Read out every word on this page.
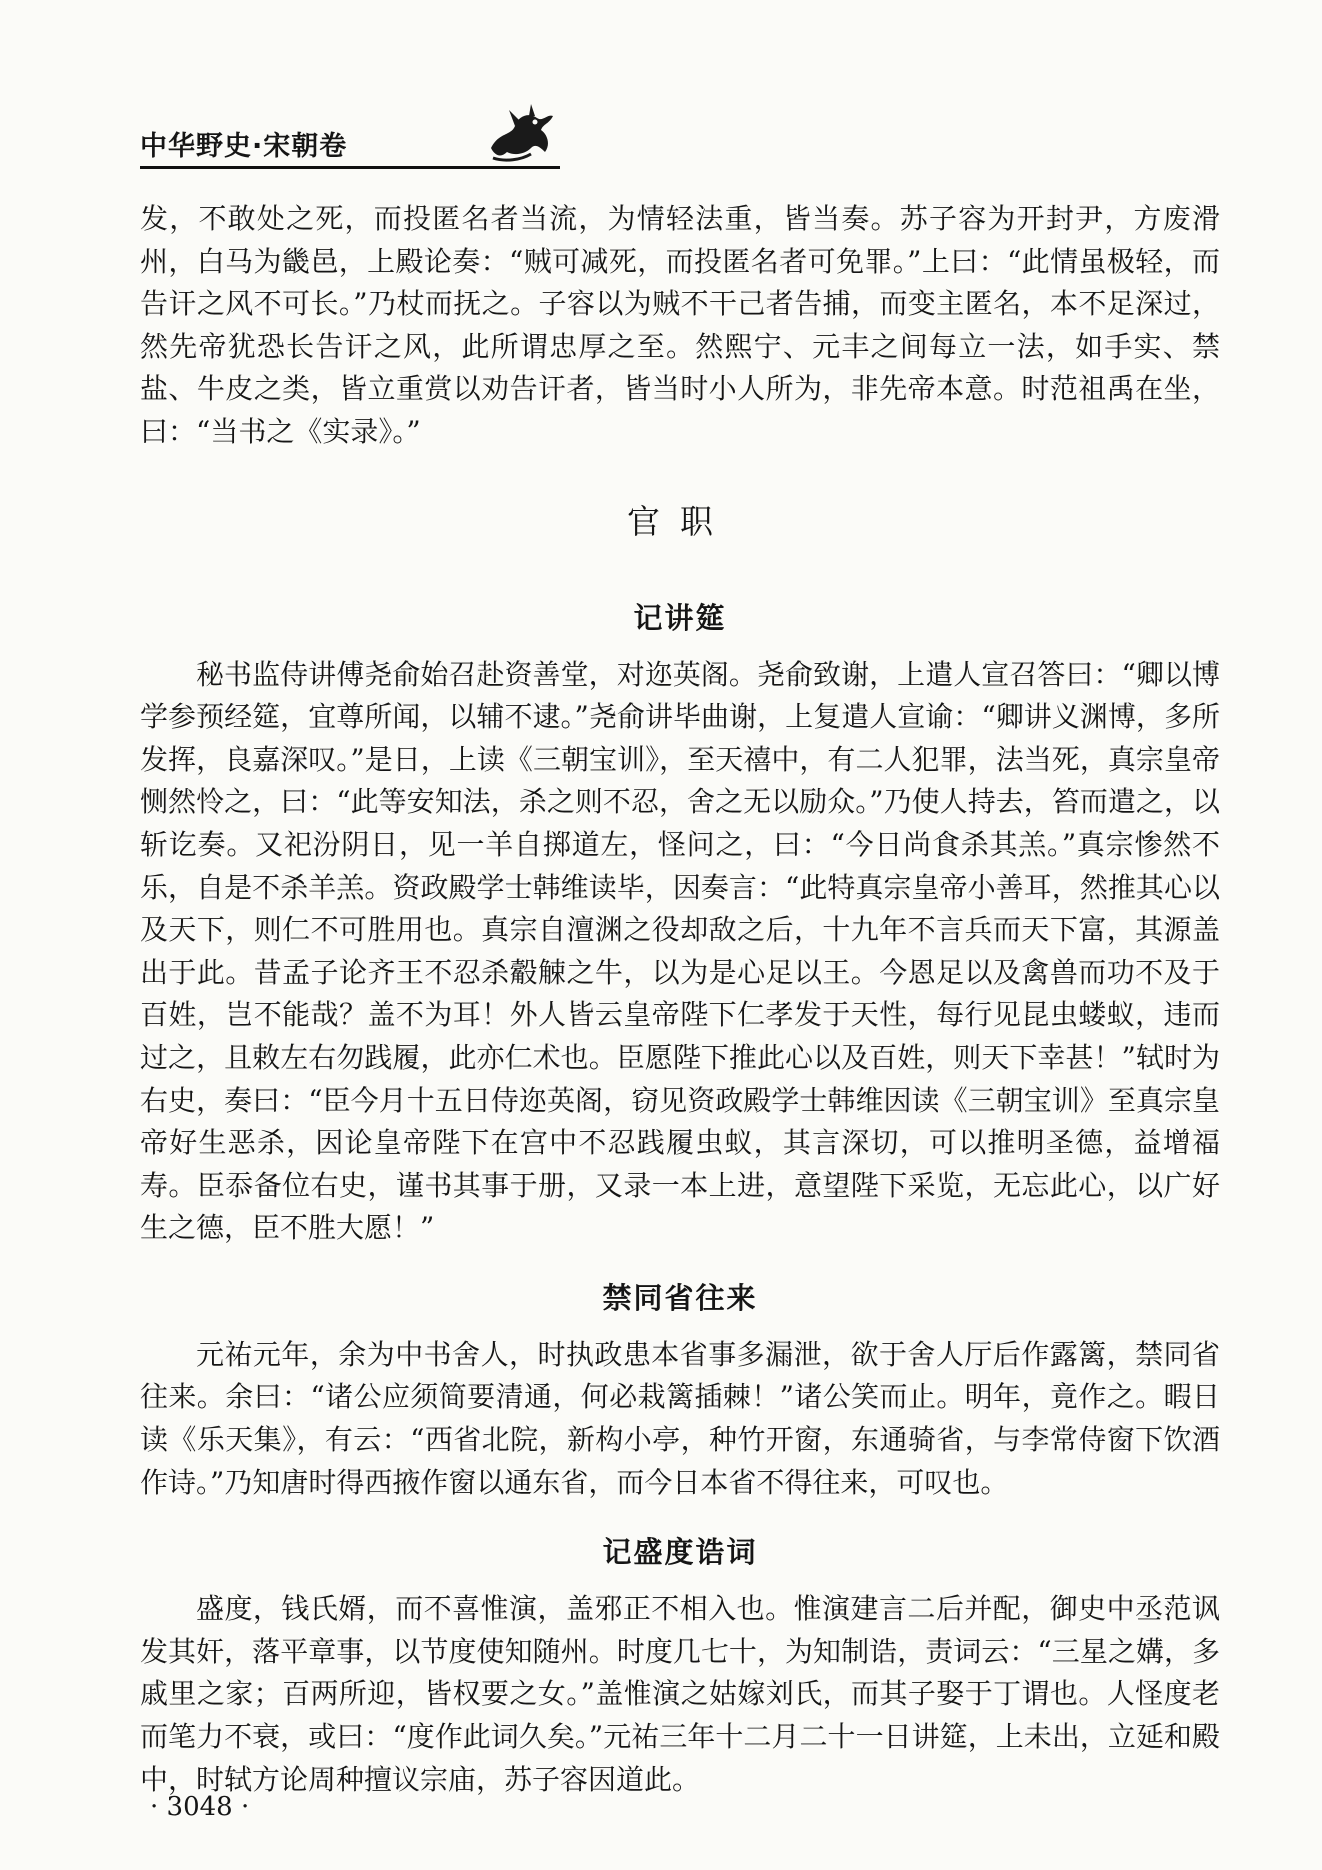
中华野史·宋朝卷

发，不敢处之死，而投匿名者当流，为情轻法重，皆当奏。苏子容为开封尹，方废滑州，白马为畿邑，上殿论奏：“贼可减死，而投匿名者可免罪。”上曰：“此情虽极轻，而告讦之风不可长。”乃杖而抚之。子容以为贼不干己者告捕，而变主匿名，本不足深过，然先帝犹恐长告讦之风，此所谓忠厚之至。然熙宁、元丰之间每立一法，如手实、禁盐、牛皮之类，皆立重赏以劝告讦者，皆当时小人所为，非先帝本意。时范祖禹在坐，曰：“当书之《实录》。”

官职
记讲筵

秘书监侍讲傅尧俞始召赴资善堂，对迩英阁。尧俞致谢，上遣人宣召答曰：“卿以博学参预经筵，宜尊所闻，以辅不逮。”尧俞讲毕曲谢，上复遣人宣谕：“卿讲义渊博，多所发挥，良嘉深叹。”是日，上读《三朝宝训》，至天禧中，有二人犯罪，法当死，真宗皇帝恻然怜之，曰：“此等安知法，杀之则不忍，舍之无以励众。”乃使人持去，笞而遣之，以斩讫奏。又祀汾阴日，见一羊自掷道左，怪问之，曰：“今日尚食杀其羔。”真宗惨然不乐，自是不杀羊羔。资政殿学士韩维读毕，因奏言：“此特真宗皇帝小善耳，然推其心以及天下，则仁不可胜用也。真宗自澶渊之役却敌之后，十九年不言兵而天下富，其源盖出于此。昔孟子论齐王不忍杀觳觫之牛，以为是心足以王。今恩足以及禽兽而功不及于百姓，岂不能哉？盖不为耳！外人皆云皇帝陛下仁孝发于天性，每行见昆虫蝼蚁，违而过之，且敕左右勿践履，此亦仁术也。臣愿陛下推此心以及百姓，则天下幸甚！”轼时为右史，奏曰：“臣今月十五日侍迩英阁，窃见资政殿学士韩维因读《三朝宝训》至真宗皇帝好生恶杀，因论皇帝陛下在宫中不忍践履虫蚁，其言深切，可以推明圣德，益增福寿。臣忝备位右史，谨书其事于册，又录一本上进，意望陛下采览，无忘此心，以广好生之德，臣不胜大愿！”

禁同省往来

元祐元年，余为中书舍人，时执政患本省事多漏泄，欲于舍人厅后作露篱，禁同省往来。余曰：“诸公应须简要清通，何必栽篱插棘！”诸公笑而止。明年，竟作之。暇日读《乐天集》，有云：“西省北院，新构小亭，种竹开窗，东通骑省，与李常侍窗下饮酒作诗。”乃知唐时得西掖作窗以通东省，而今日本省不得往来，可叹也。

记盛度诰词

盛度，钱氏婿，而不喜惟演，盖邪正不相入也。惟演建言二后并配，御史中丞范讽发其奸，落平章事，以节度使知随州。时度几七十，为知制诰，责词云：“三星之媾，多戚里之家；百两所迎，皆权要之女。”盖惟演之姑嫁刘氏，而其子娶于丁谓也。人怪度老而笔力不衰，或曰：“度作此词久矣。”元祐三年十二月二十一日讲筵，上未出，立延和殿中，时轼方论周种擅议宗庙，苏子容因道此。

· 3048 ·
